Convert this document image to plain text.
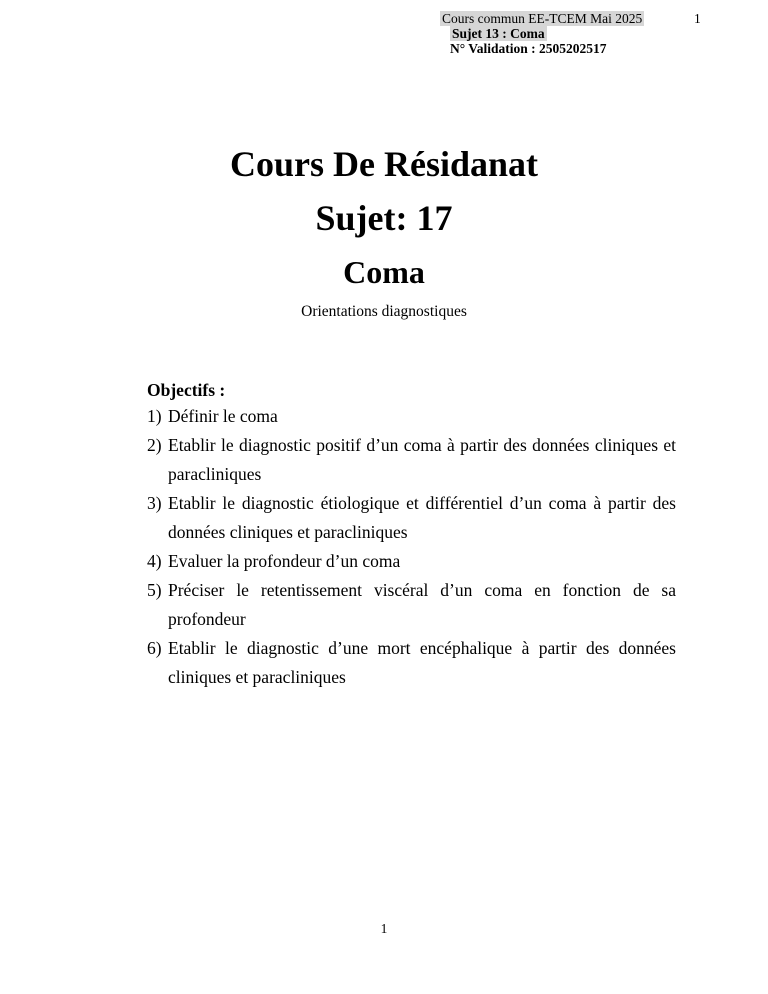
Cours commun EE-TCEM Mai 2025
Sujet 13 : Coma
N° Validation : 2505202517
1
Cours De Résidanat
Sujet: 17
Coma
Orientations diagnostiques
Objectifs :
1) Définir le coma
2) Etablir le diagnostic positif d’un coma à partir des données cliniques et
paracliniques
3) Etablir le diagnostic étiologique et différentiel d’un coma à partir des
données cliniques et paracliniques
4) Evaluer la profondeur d’un coma
5) Préciser le retentissement viscéral d’un coma en fonction de sa
profondeur
6) Etablir le diagnostic d’une mort encéphalique à partir des données
cliniques et paracliniques
1
